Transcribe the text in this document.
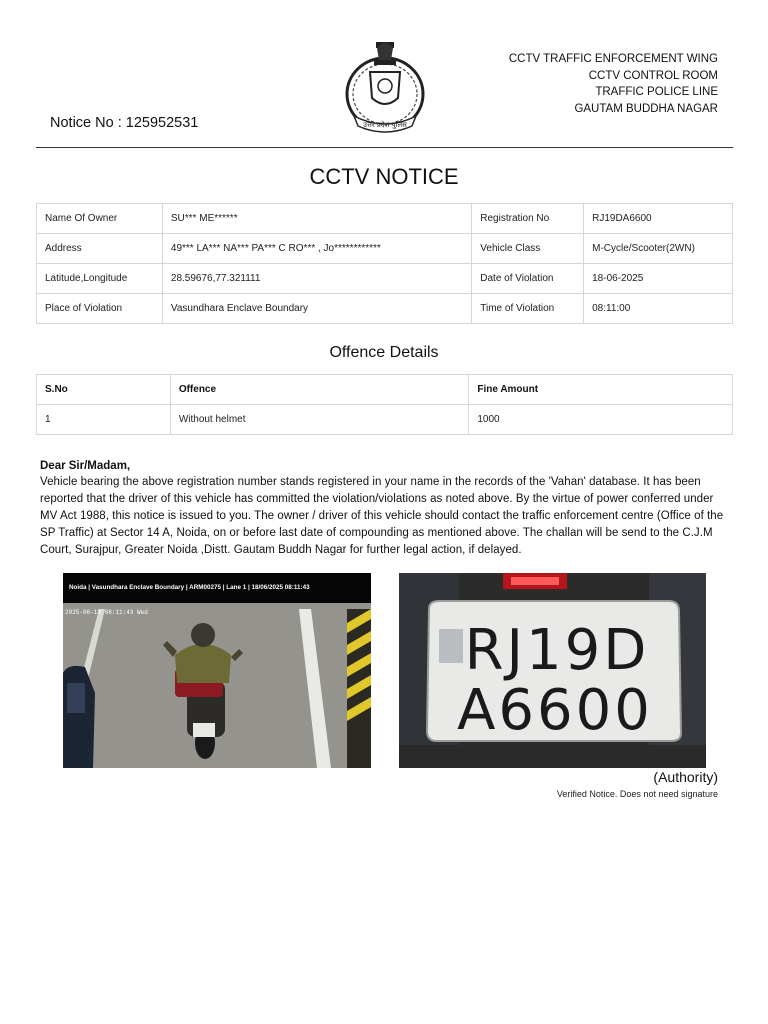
उत्तर प्रदेश पुलिस
Notice No : 125952531
CCTV TRAFFIC ENFORCEMENT WING
CCTV CONTROL ROOM
TRAFFIC POLICE LINE
GAUTAM BUDDHA NAGAR
CCTV NOTICE
Name Of Owner	SU*** ME******	Registration No	RJ19DA6600
Address	49*** LA*** NA*** PA*** C RO*** , Jo************	Vehicle Class	M-Cycle/Scooter(2WN)
Latitude,Longitude	28.59676,77.321111	Date of Violation	18-06-2025
Place of Violation	Vasundhara Enclave Boundary	Time of Violation	08:11:00
Offence Details
S.No	Offence	Fine Amount
1	Without helmet	1000
Dear Sir/Madam,
Vehicle bearing the above registration number stands registered in your name in the records of the 'Vahan' database. It has been reported that the driver of this vehicle has committed the violation/violations as noted above. By the virtue of power conferred under MV Act 1988, this notice is issued to you. The owner / driver of this vehicle should contact the traffic enforcement centre (Office of the SP Traffic) at Sector 14 A, Noida, on or before last date of compounding as mentioned above. The challan will be send to the C.J.M Court, Surajpur, Greater Noida ,Distt. Gautam Buddh Nagar for further legal action, if delayed.
Noida | Vasundhara Enclave Boundary | ARM00275 | Lane 1 | 18/06/2025 08:11:43
2025-06-18 08:11:43 Wed
RJ19D
A6600
(Authority)
Verified Notice. Does not need signature
